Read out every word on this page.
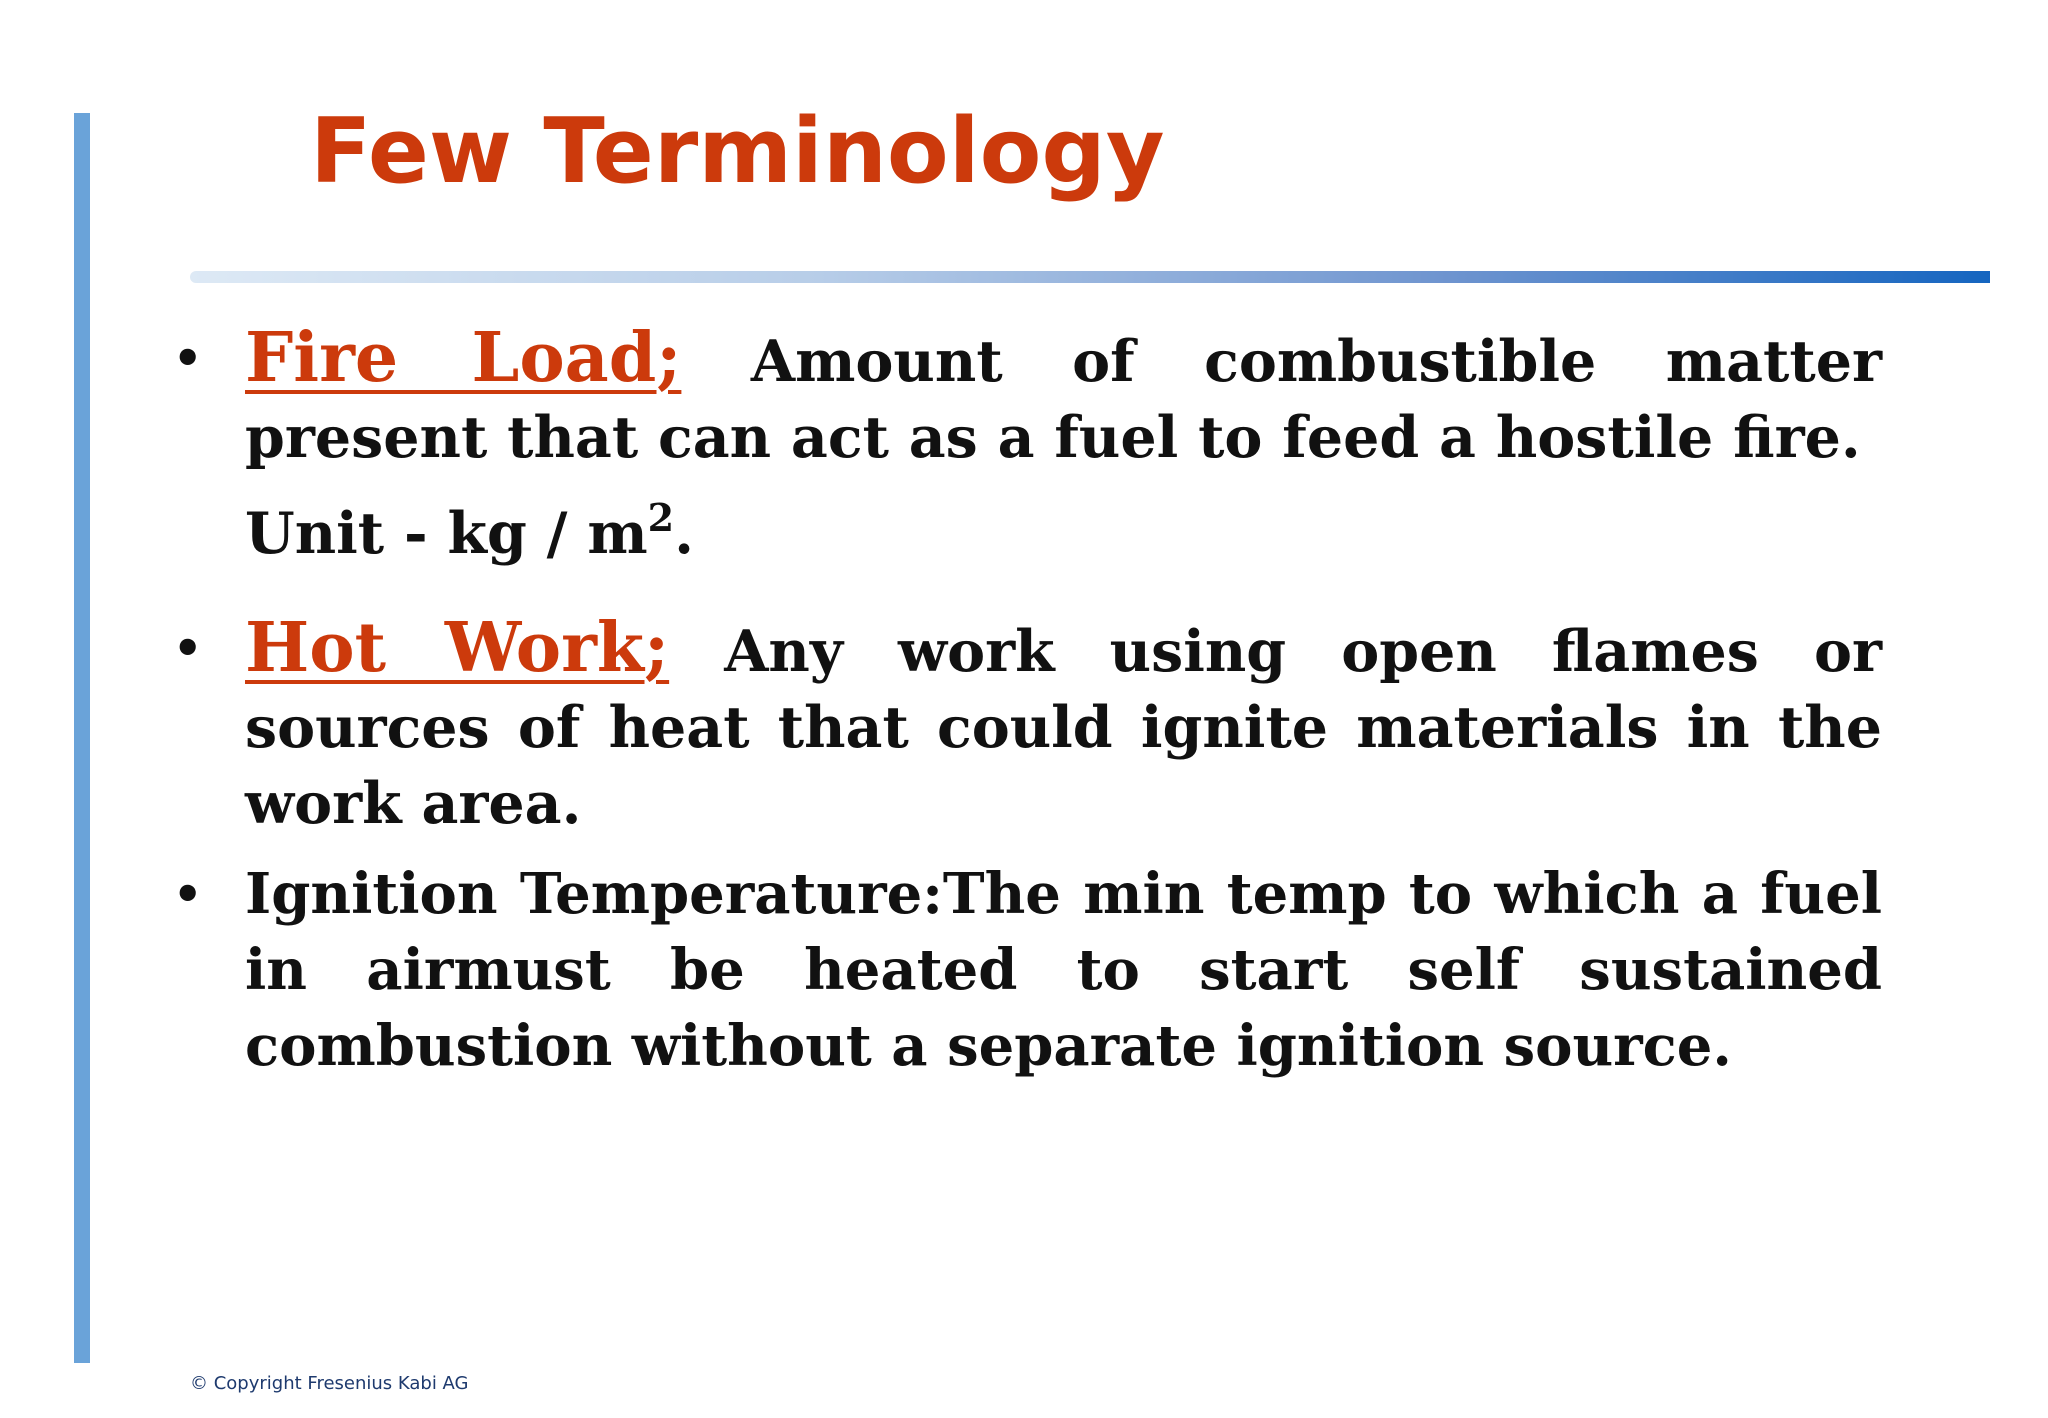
Few Terminology
• Fire Load; Amount of combustible matter present that can act as a fuel to feed a hostile fire.
Unit - kg / $m^2$.
• Hot Work; Any work using open flames or sources of heat that could ignite materials in the work area.
• Ignition Temperature:The min temp to which a fuel in airmust be heated to start self sustained combustion without a separate ignition source.

© Copyright Fresenius Kabi AG
